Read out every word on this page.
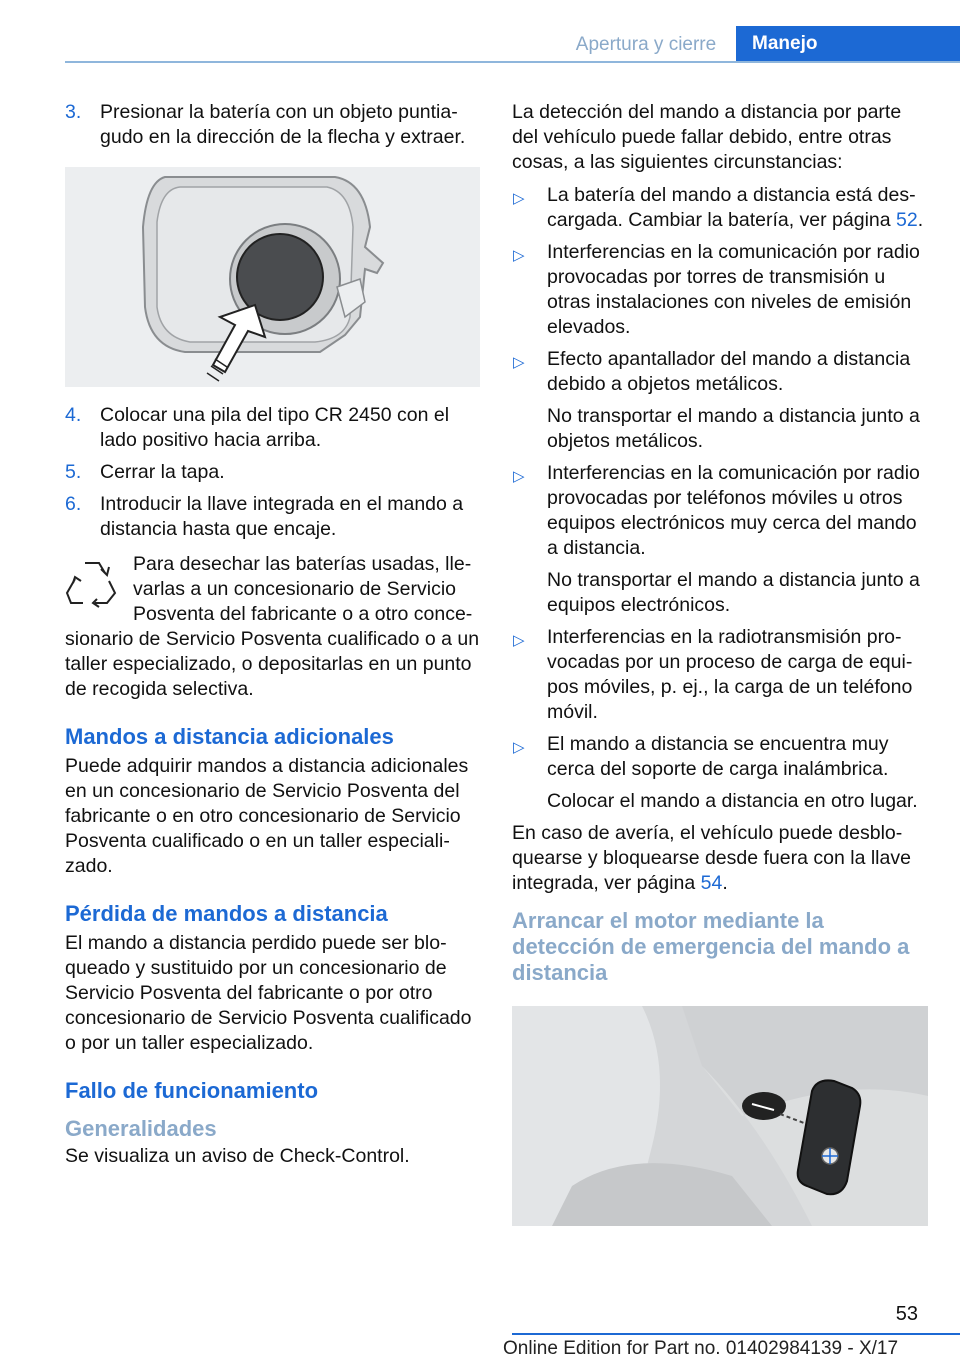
Apertura y cierre	Manejo
3. Presionar la batería con un objeto puntiagudo en la dirección de la flecha y extraer.
4. Colocar una pila del tipo CR 2450 con el lado positivo hacia arriba.
5. Cerrar la tapa.
6. Introducir la llave integrada en el mando a distancia hasta que encaje.

Para desechar las baterías usadas, llevarlas a un concesionario de Servicio Posventa del fabricante o a otro concesionario de Servicio Posventa cualificado o a un taller especializado, o depositarlas en un punto de recogida selectiva.

Mandos a distancia adicionales

Puede adquirir mandos a distancia adicionales en un concesionario de Servicio Posventa del fabricante o en otro concesionario de Servicio Posventa cualificado o en un taller especializado.

Pérdida de mandos a distancia

El mando a distancia perdido puede ser bloqueado y sustituido por un concesionario de Servicio Posventa del fabricante o por otro concesionario de Servicio Posventa cualificado o por un taller especializado.

Fallo de funcionamiento
Generalidades

Se visualiza un aviso de Check-Control.

La detección del mando a distancia por parte del vehículo puede fallar debido, entre otras cosas, a las siguientes circunstancias:

▷ La batería del mando a distancia está descargada. Cambiar la batería, ver página 52.
▷ Interferencias en la comunicación por radio provocadas por torres de transmisión u otras instalaciones con niveles de emisión elevados.
▷ Efecto apantallador del mando a distancia debido a objetos metálicos.
No transportar el mando a distancia junto a objetos metálicos.
▷ Interferencias en la comunicación por radio provocadas por teléfonos móviles u otros equipos electrónicos muy cerca del mando a distancia.
No transportar el mando a distancia junto a equipos electrónicos.
▷ Interferencias en la radiotransmisión provocadas por un proceso de carga de equipos móviles, p. ej., la carga de un teléfono móvil.
▷ El mando a distancia se encuentra muy cerca del soporte de carga inalámbrica.
Colocar el mando a distancia en otro lugar.

En caso de avería, el vehículo puede desbloquearse y bloquearse desde fuera con la llave integrada, ver página 54.

Arrancar el motor mediante la detección de emergencia del mando a distancia
53
Online Edition for Part no. 01402984139 - X/17
